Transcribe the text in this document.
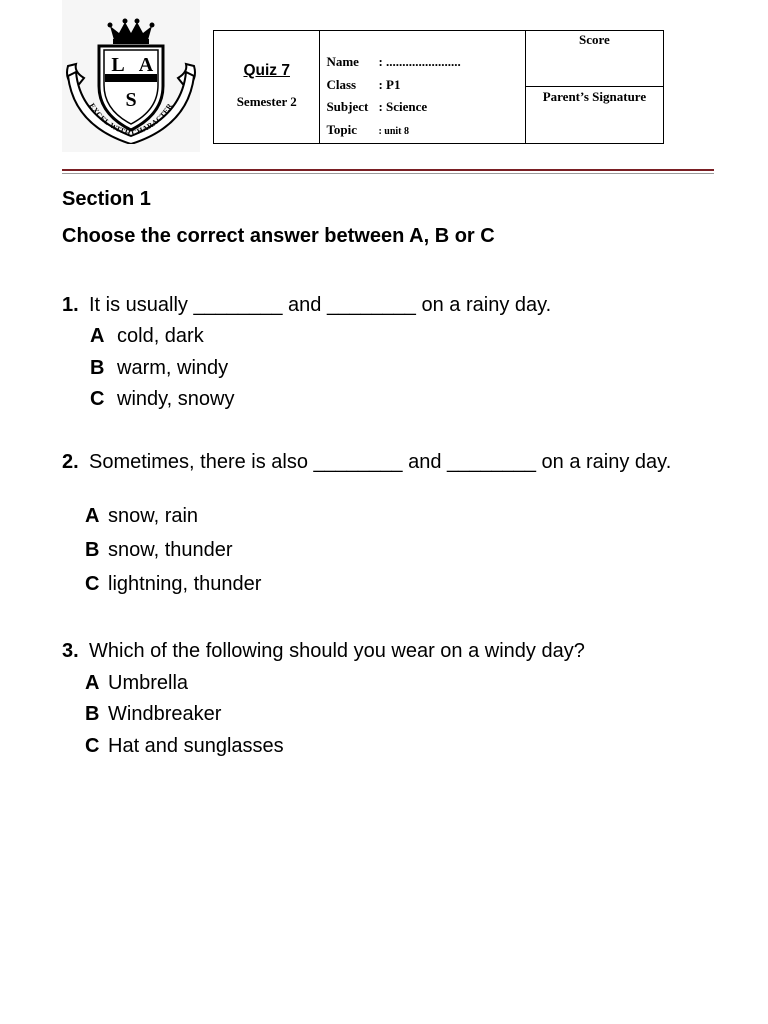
L A
S
EXCEL WITH CHARACTER
Quiz 7
Semester 2

Name : .......................
Class : P1
Subject : Science
Topic : unit 8
	Score
Parent’s Signature
Section 1
Choose the correct answer between A, B or C
1. It is usually ________ and ________ on a rainy day.
A cold, dark
B warm, windy
C windy, snowy
2. Sometimes, there is also ________ and ________ on a rainy day.
A snow, rain
B snow, thunder
C lightning, thunder
3. Which of the following should you wear on a windy day?
A Umbrella
B Windbreaker
C Hat and sunglasses
